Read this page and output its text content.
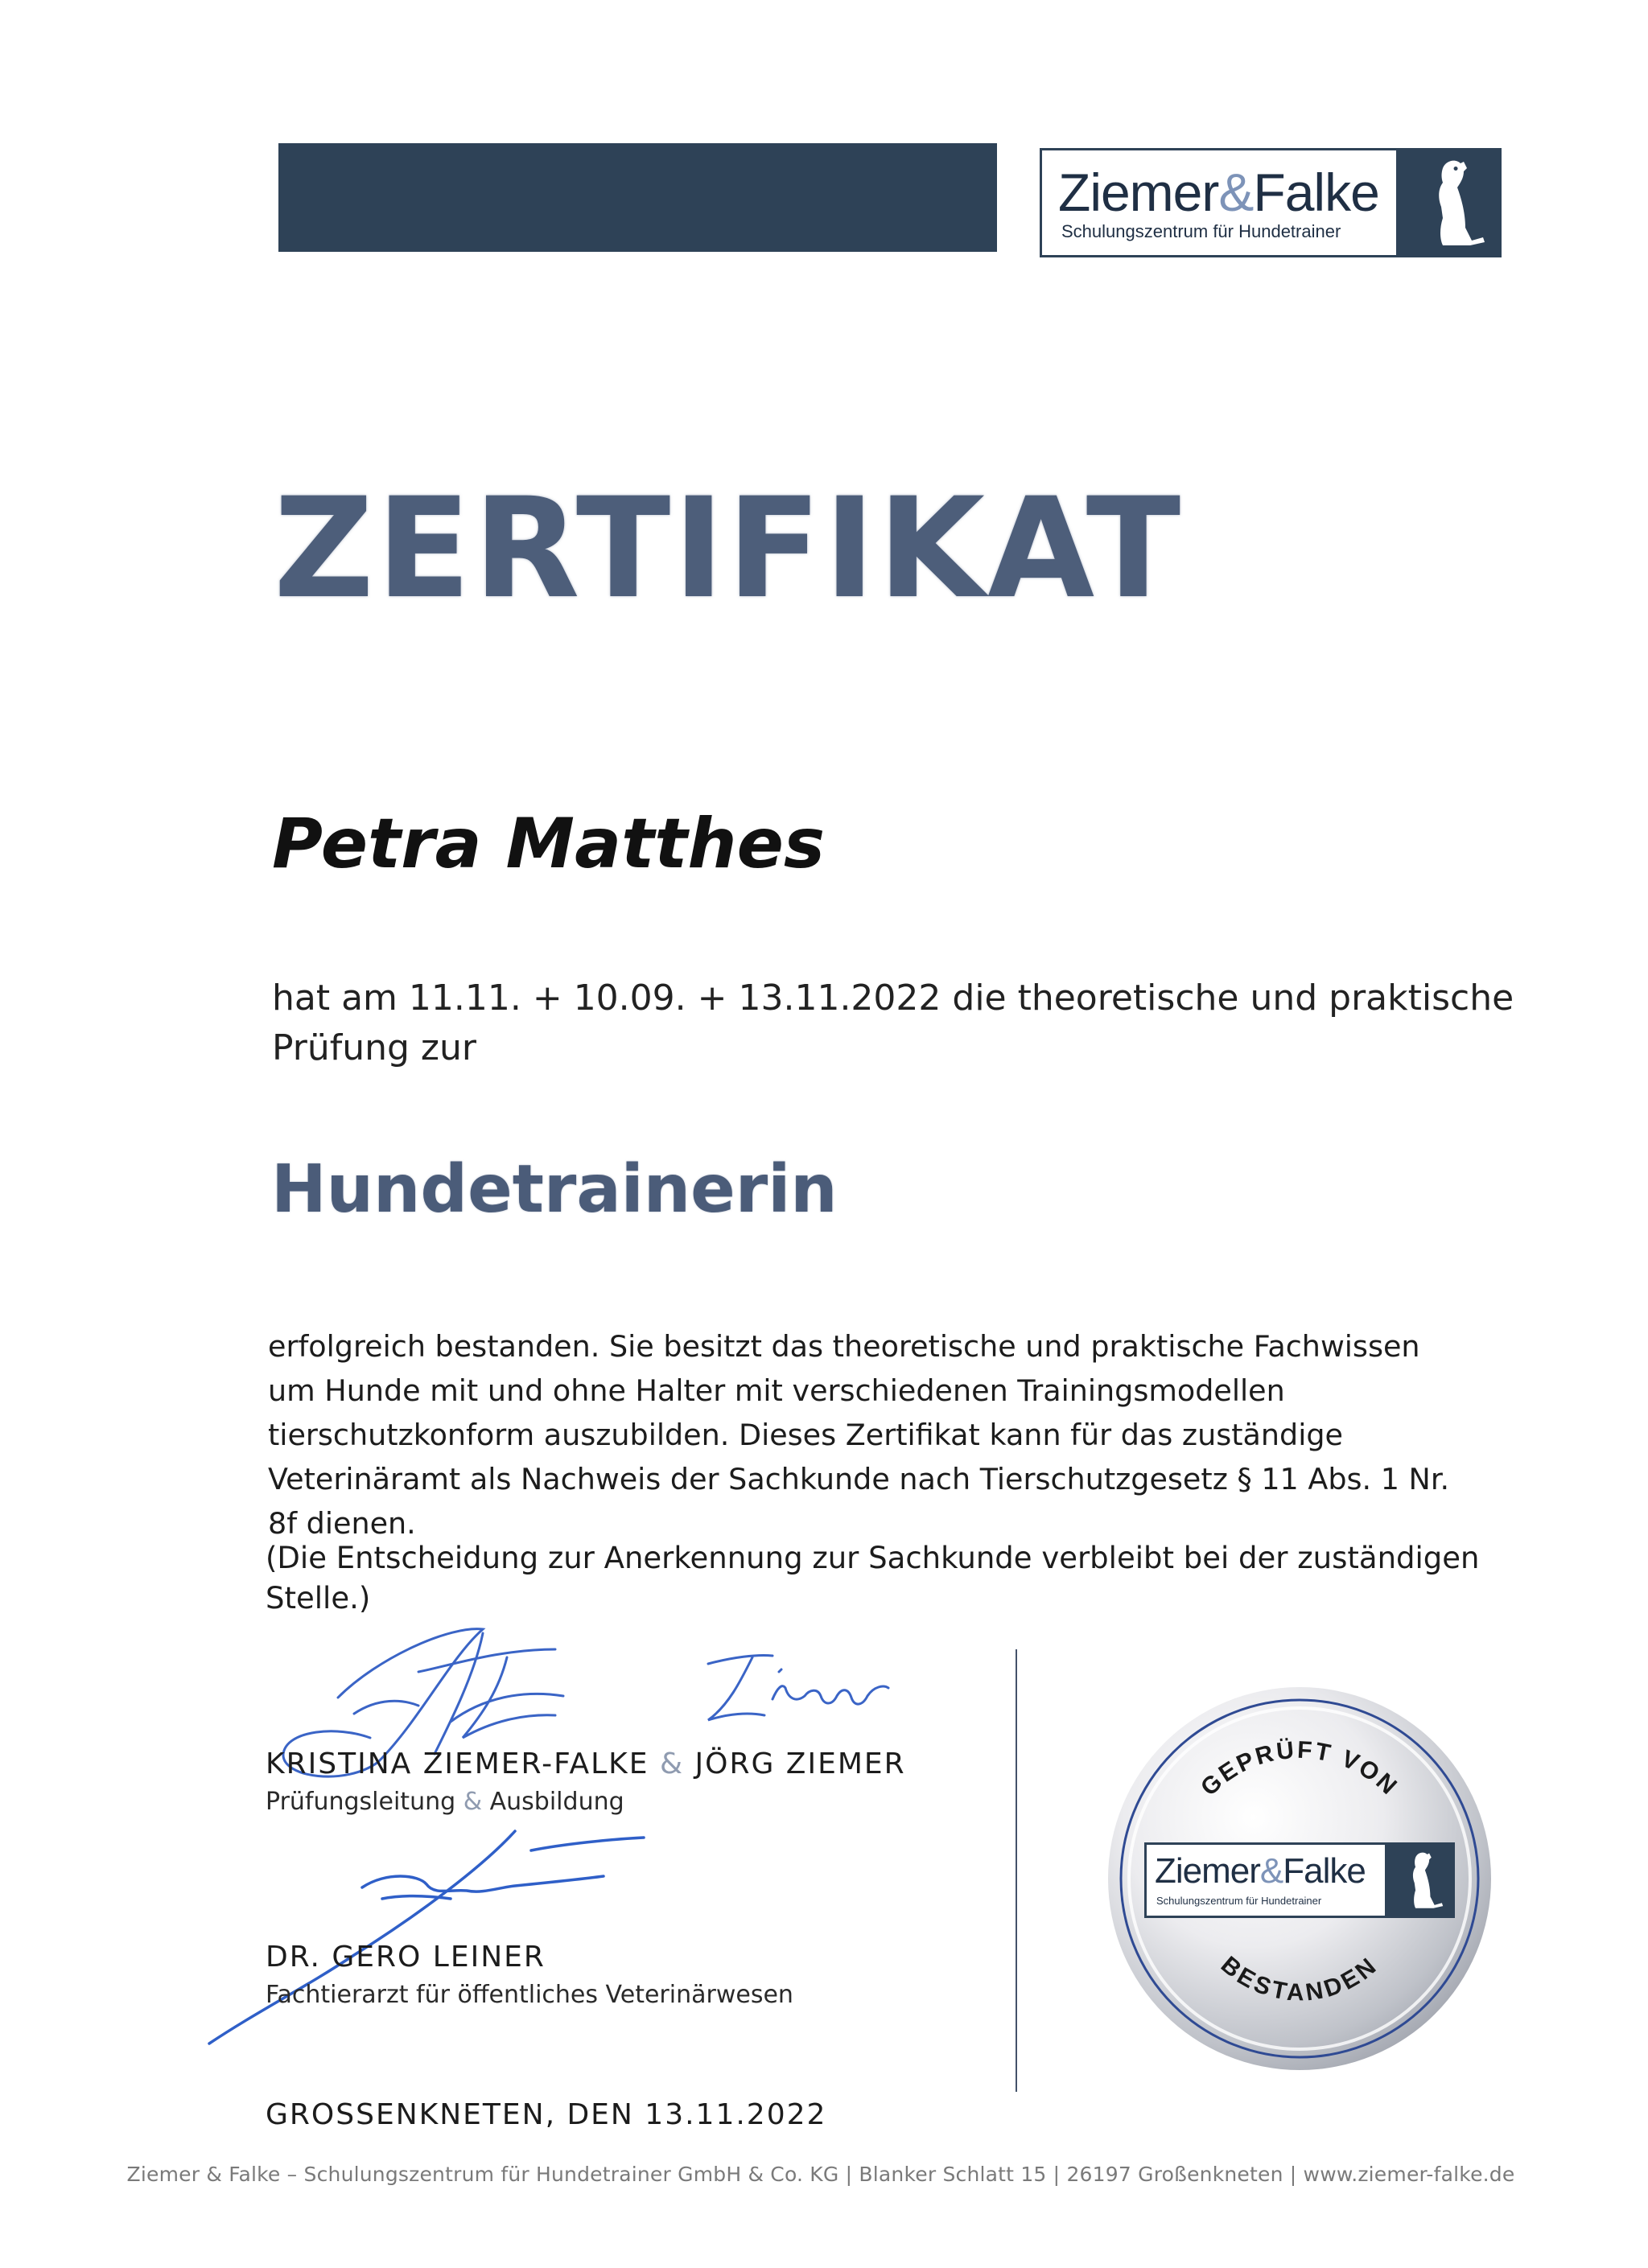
Ziemer&Falke
Schulungszentrum für Hundetrainer
ZERTIFIKAT
Petra Matthes
hat am 11.11. + 10.09. + 13.11.2022 die theoretische und praktische Prüfung zur
Hundetrainerin
erfolgreich bestanden. Sie besitzt das theoretische und praktische Fachwissen um Hunde mit und ohne Halter mit verschiedenen Trainingsmodellen tierschutzkonform auszubilden. Dieses Zertifikat kann für das zuständige Veterinäramt als Nachweis der Sachkunde nach Tierschutzgesetz § 11 Abs. 1 Nr. 8f dienen.
(Die Entscheidung zur Anerkennung zur Sachkunde verbleibt bei der zuständigen Stelle.)
KRISTINA ZIEMER-FALKE & JÖRG ZIEMER
Prüfungsleitung & Ausbildung
DR. GERO LEINER
Fachtierarzt für öffentliches Veterinärwesen
GROSSENKNETEN, DEN 13.11.2022
GEPRÜFT VON
BESTANDEN
Ziemer&Falke
Schulungszentrum für Hundetrainer
Ziemer & Falke – Schulungszentrum für Hundetrainer GmbH & Co. KG | Blanker Schlatt 15 | 26197 Großenkneten | www.ziemer-falke.de
